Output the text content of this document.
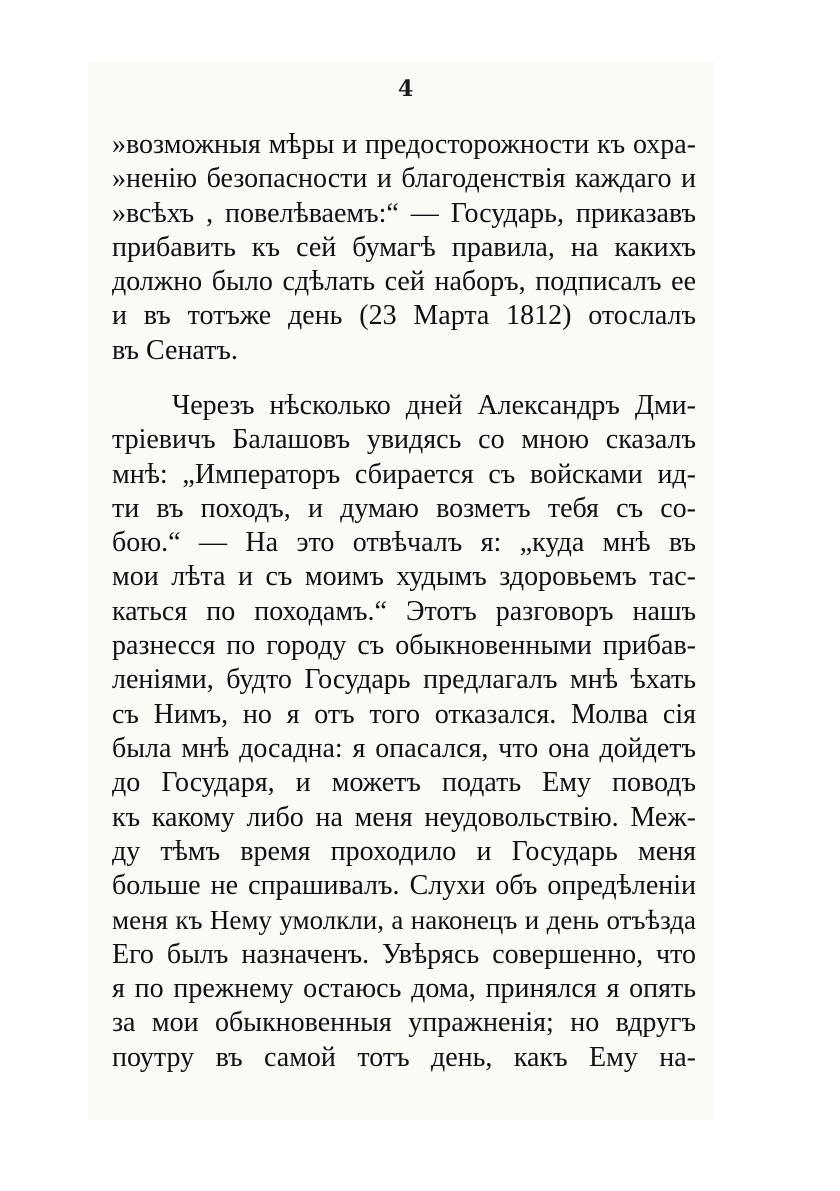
4
»возможныя мѣры и предосторожности къ охра-
»ненію безопасности и благоденствія каждаго и
»всѣхъ , повелѣваемъ:“ — Государь, приказавъ
прибавить къ сей бумагѣ правила, на какихъ
должно было сдѣлать сей наборъ, подписалъ ее
и въ тотъже день (23 Марта 1812) отослалъ
въ Сенатъ.
Черезъ нѣсколько дней Александръ Дми-
тріевичъ Балашовъ увидясь со мною сказалъ
мнѣ: „Императоръ сбирается съ войсками ид-
ти въ походъ, и думаю возметъ тебя съ со-
бою.“ — На это отвѣчалъ я: „куда мнѣ въ
мои лѣта и съ моимъ худымъ здоровьемъ тас-
каться по походамъ.“ Этотъ разговоръ нашъ
разнесся по городу съ обыкновенными прибав-
леніями, будто Государь предлагалъ мнѣ ѣхать
съ Нимъ, но я отъ того отказался. Молва сія
была мнѣ досадна: я опасался, что она дойдетъ
до Государя, и можетъ подать Ему поводъ
къ какому либо на меня неудовольствію. Меж-
ду тѣмъ время проходило и Государь меня
больше не спрашивалъ. Слухи объ опредѣленіи
меня къ Нему умолкли, а наконецъ и день отъѣзда
Его былъ назначенъ. Увѣрясь совершенно, что
я по прежнему остаюсь дома, принялся я опять
за мои обыкновенныя упражненія; но вдругъ
поутру въ самой тотъ день, какъ Ему на-
